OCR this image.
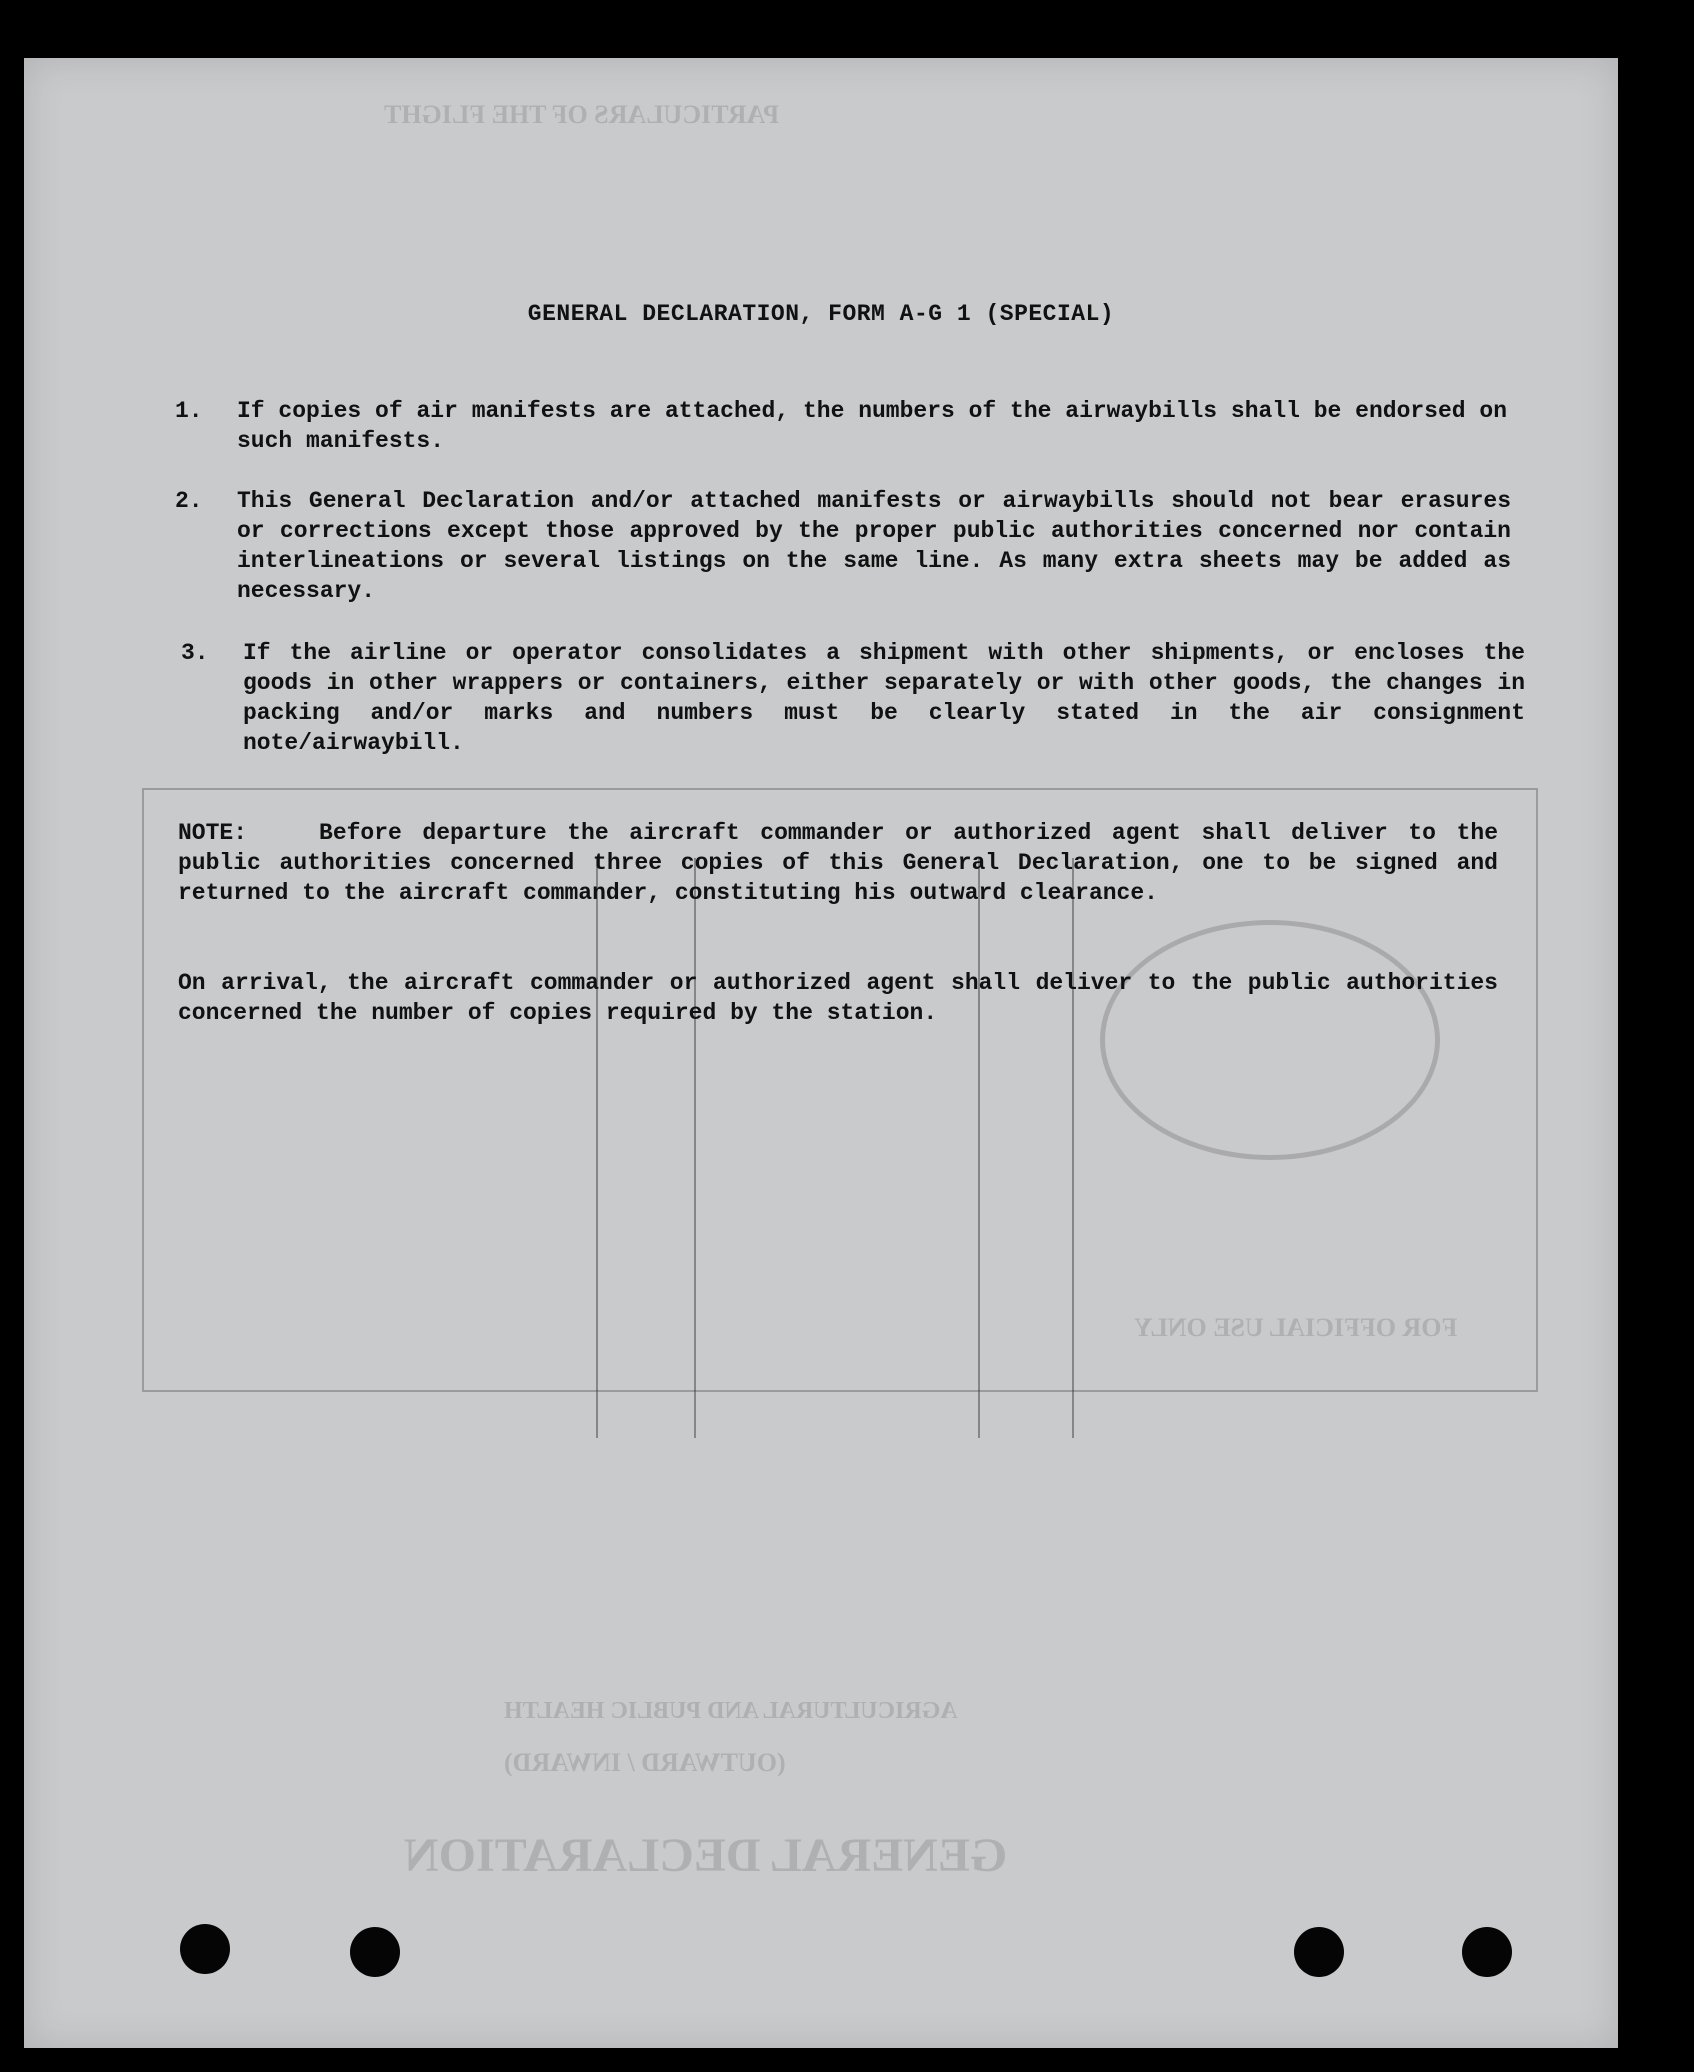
GENERAL DECLARATION
(OUTWARD / INWARD)
AGRICULTURAL AND PUBLIC HEALTH
PARTICULARS OF THE FLIGHT
FOR OFFICIAL USE ONLY
GENERAL DECLARATION, FORM A-G 1 (SPECIAL)
1. If copies of air manifests are attached, the numbers of the airwaybills shall be endorsed on such manifests.
2. This General Declaration and/or attached manifests or airwaybills should not bear erasures or corrections except those approved by the proper public authorities concerned nor contain interlineations or several listings on the same line. As many extra sheets may be added as necessary.
3. If the airline or operator consolidates a shipment with other shipments, or encloses the goods in other wrappers or containers, either separately or with other goods, the changes in packing and/or marks and numbers must be clearly stated in the air consignment note/airwaybill.
NOTE:	Before departure the aircraft commander or authorized agent shall deliver to the public authorities concerned three copies of this General Declaration, one to be signed and returned to the aircraft commander, constituting his outward clearance.
On arrival, the aircraft commander or authorized agent shall deliver to the public authorities concerned the number of copies required by the station.
